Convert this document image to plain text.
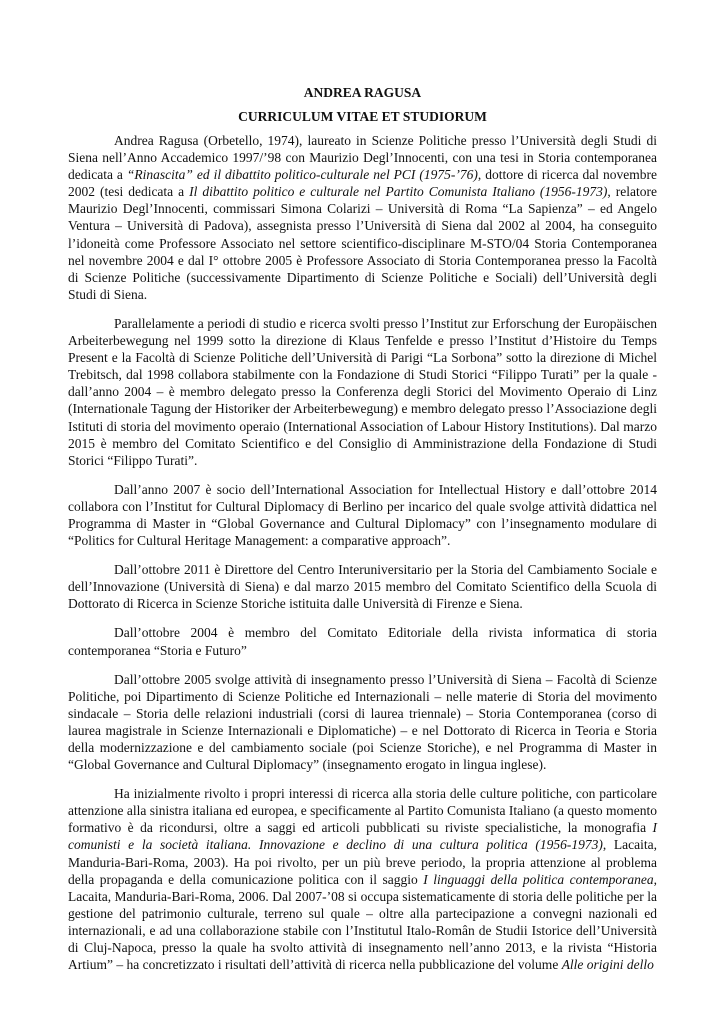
ANDREA RAGUSA
CURRICULUM VITAE ET STUDIORUM

Andrea Ragusa (Orbetello, 1974), laureato in Scienze Politiche presso l’Università degli Studi di Siena nell’Anno Accademico 1997/’98 con Maurizio Degl’Innocenti, con una tesi in Storia contemporanea dedicata a “Rinascita” ed il dibattito politico-culturale nel PCI (1975-’76), dottore di ricerca dal novembre 2002 (tesi dedicata a Il dibattito politico e culturale nel Partito Comunista Italiano (1956-1973), relatore Maurizio Degl’Innocenti, commissari Simona Colarizi – Università di Roma “La Sapienza” – ed Angelo Ventura – Università di Padova), assegnista presso l’Università di Siena dal 2002 al 2004, ha conseguito l’idoneità come Professore Associato nel settore scientifico-disciplinare M-STO/04 Storia Contemporanea nel novembre 2004 e dal I° ottobre 2005 è Professore Associato di Storia Contemporanea presso la Facoltà di Scienze Politiche (successivamente Dipartimento di Scienze Politiche e Sociali) dell’Università degli Studi di Siena.

Parallelamente a periodi di studio e ricerca svolti presso l’Institut zur Erforschung der Europäischen Arbeiterbewegung nel 1999 sotto la direzione di Klaus Tenfelde e presso l’Institut d’Histoire du Temps Present e la Facoltà di Scienze Politiche dell’Università di Parigi “La Sorbona” sotto la direzione di Michel Trebitsch, dal 1998 collabora stabilmente con la Fondazione di Studi Storici “Filippo Turati” per la quale - dall’anno 2004 – è membro delegato presso la Conferenza degli Storici del Movimento Operaio di Linz (Internationale Tagung der Historiker der Arbeiterbewegung) e membro delegato presso l’Associazione degli Istituti di storia del movimento operaio (International Association of Labour History Institutions). Dal marzo 2015 è membro del Comitato Scientifico e del Consiglio di Amministrazione della Fondazione di Studi Storici “Filippo Turati”.

Dall’anno 2007 è socio dell’International Association for Intellectual History e dall’ottobre 2014 collabora con l’Institut for Cultural Diplomacy di Berlino per incarico del quale svolge attività didattica nel Programma di Master in “Global Governance and Cultural Diplomacy” con l’insegnamento modulare di “Politics for Cultural Heritage Management: a comparative approach”.

Dall’ottobre 2011 è Direttore del Centro Interuniversitario per la Storia del Cambiamento Sociale e dell’Innovazione (Università di Siena) e dal marzo 2015 membro del Comitato Scientifico della Scuola di Dottorato di Ricerca in Scienze Storiche istituita dalle Università di Firenze e Siena.

Dall’ottobre 2004 è membro del Comitato Editoriale della rivista informatica di storia contemporanea “Storia e Futuro”

Dall’ottobre 2005 svolge attività di insegnamento presso l’Università di Siena – Facoltà di Scienze Politiche, poi Dipartimento di Scienze Politiche ed Internazionali – nelle materie di Storia del movimento sindacale – Storia delle relazioni industriali (corsi di laurea triennale) – Storia Contemporanea (corso di laurea magistrale in Scienze Internazionali e Diplomatiche) – e nel Dottorato di Ricerca in Teoria e Storia della modernizzazione e del cambiamento sociale (poi Scienze Storiche), e nel Programma di Master in “Global Governance and Cultural Diplomacy” (insegnamento erogato in lingua inglese).

Ha inizialmente rivolto i propri interessi di ricerca alla storia delle culture politiche, con particolare attenzione alla sinistra italiana ed europea, e specificamente al Partito Comunista Italiano (a questo momento formativo è da ricondursi, oltre a saggi ed articoli pubblicati su riviste specialistiche, la monografia I comunisti e la società italiana. Innovazione e declino di una cultura politica (1956-1973), Lacaita, Manduria-Bari-Roma, 2003). Ha poi rivolto, per un più breve periodo, la propria attenzione al problema della propaganda e della comunicazione politica con il saggio I linguaggi della politica contemporanea, Lacaita, Manduria-Bari-Roma, 2006. Dal 2007-’08 si occupa sistematicamente di storia delle politiche per la gestione del patrimonio culturale, terreno sul quale – oltre alla partecipazione a convegni nazionali ed internazionali, e ad una collaborazione stabile con l’Institutul Italo-Român de Studii Istorice dell’Università di Cluj-Napoca, presso la quale ha svolto attività di insegnamento nell’anno 2013, e la rivista “Historia Artium” – ha concretizzato i risultati dell’attività di ricerca nella pubblicazione del volume Alle origini dello
